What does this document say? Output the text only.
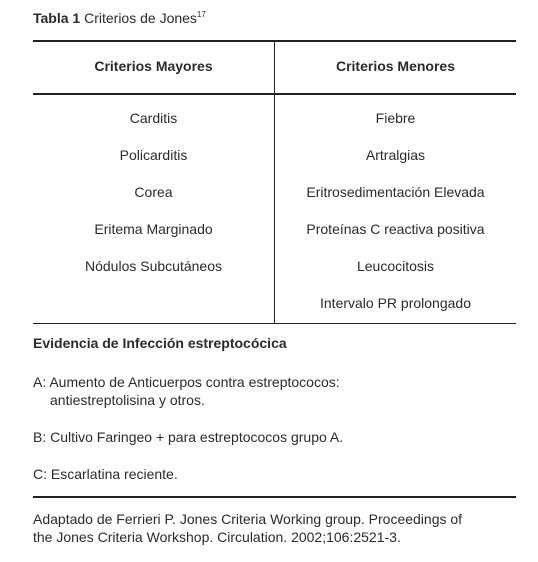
Tabla 1 Criterios de Jones$^{17}$
Criterios Mayores	Criterios Menores
Carditis
Policarditis
Corea
Eritema Marginado
Nódulos Subcutáneos
Fiebre
Artralgias
Eritrosedimentación Elevada
Proteínas C reactiva positiva
Leucocitosis
Intervalo PR prolongado
Evidencia de Infección estreptocócica
A: Aumento de Anticuerpos contra estreptococos:
antiestreptolisina y otros.
B: Cultivo Faringeo + para estreptococos grupo A.
C: Escarlatina reciente.
Adaptado de Ferrieri P. Jones Criteria Working group. Proceedings of
the Jones Criteria Workshop. Circulation. 2002;106:2521-3.
